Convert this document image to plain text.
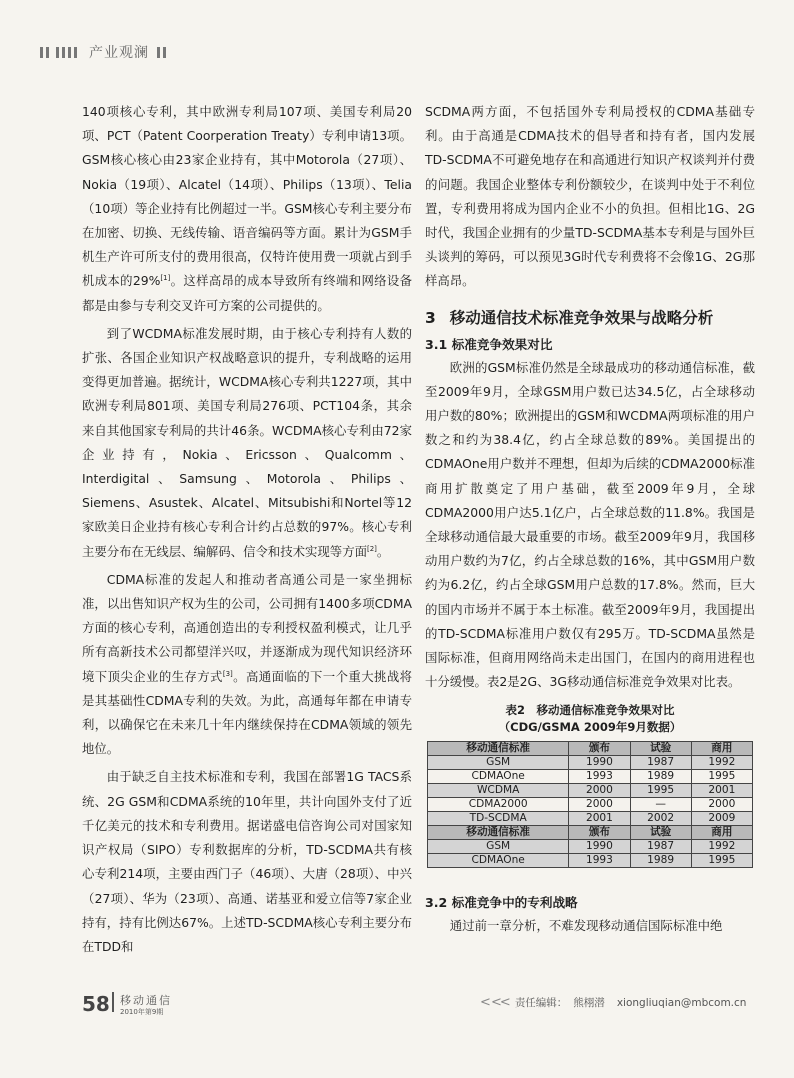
产业观澜

140项核心专利，其中欧洲专利局107项、美国专利局20项、PCT（Patent Coorperation Treaty）专利申请13项。GSM核心核心由23家企业持有，其中Motorola（27项）、Nokia（19项）、Alcatel（14项）、Philips（13项）、Telia （10项）等企业持有比例超过一半。GSM核心专利主要分布在加密、切换、无线传输、语音编码等方面。累计为GSM手机生产许可所支付的费用很高，仅特许使用费一项就占到手机成本的29%[1]。这样高昂的成本导致所有终端和网络设备都是由参与专利交叉许可方案的公司提供的。

到了WCDMA标准发展时期，由于核心专利持有人数的扩张、各国企业知识产权战略意识的提升，专利战略的运用变得更加普遍。据统计，WCDMA核心专利共1227项，其中欧洲专利局801项、美国专利局276项、PCT104条，其余来自其他国家专利局的共计46条。WCDMA核心专利由72家企业持有，Nokia、Ericsson、Qualcomm、Interdigital、Samsung、Motorola、Philips、Siemens、Asustek、Alcatel、Mitsubishi和Nortel等12家欧美日企业持有核心专利合计约占总数的97%。核心专利主要分布在无线层、编解码、信令和技术实现等方面[2]。

CDMA标准的发起人和推动者高通公司是一家坐拥标准，以出售知识产权为生的公司，公司拥有1400多项CDMA方面的核心专利，高通创造出的专利授权盈利模式，让几乎所有高新技术公司都望洋兴叹，并逐渐成为现代知识经济环境下顶尖企业的生存方式[3]。高通面临的下一个重大挑战将是其基础性CDMA专利的失效。为此，高通每年都在申请专利，以确保它在未来几十年内继续保持在CDMA领域的领先地位。

由于缺乏自主技术标准和专利，我国在部署1G TACS系统、2G GSM和CDMA系统的10年里，共计向国外支付了近千亿美元的技术和专利费用。据诺盛电信咨询公司对国家知识产权局（SIPO）专利数据库的分析，TD-SCDMA共有核心专利214项，主要由西门子（46项）、大唐（28项）、中兴（27项）、华为（23项）、高通、诺基亚和爱立信等7家企业持有，持有比例达67%。上述TD-SCDMA核心专利主要分布在TDD和

SCDMA两方面，不包括国外专利局授权的CDMA基础专利。由于高通是CDMA技术的倡导者和持有者，国内发展TD-SCDMA不可避免地存在和高通进行知识产权谈判并付费的问题。我国企业整体专利份额较少，在谈判中处于不利位置，专利费用将成为国内企业不小的负担。但相比1G、2G时代，我国企业拥有的少量TD-SCDMA基本专利是与国外巨头谈判的筹码，可以预见3G时代专利费将不会像1G、2G那样高昂。

3 移动通信技术标准竞争效果与战略分析
3.1 标准竞争效果对比

欧洲的GSM标准仍然是全球最成功的移动通信标准，截至2009年9月，全球GSM用户数已达34.5亿，占全球移动用户数的80%；欧洲提出的GSM和WCDMA两项标准的用户数之和约为38.4亿，约占全球总数的89%。美国提出的CDMAOne用户数并不理想，但却为后续的CDMA2000标准商用扩散奠定了用户基础，截至2009年9月，全球CDMA2000用户达5.1亿户，占全球总数的11.8%。我国是全球移动通信最大最重要的市场。截至2009年9月，我国移动用户数约为7亿，约占全球总数的16%，其中GSM用户数约为6.2亿，约占全球GSM用户总数的17.8%。然而，巨大的国内市场并不属于本土标准。截至2009年9月，我国提出的TD-SCDMA标准用户数仅有295万。TD-SCDMA虽然是国际标准，但商用网络尚未走出国门，在国内的商用进程也十分缓慢。表2是2G、3G移动通信标准竞争效果对比表。

表2　移动通信标准竞争效果对比
（CDG/GSMA 2009年9月数据）
移动通信标准	颁布	试验	商用
GSM	1990	1987	1992
CDMAOne	1993	1989	1995
WCDMA	2000	1995	2001
CDMA2000	2000	—	2000
TD-SCDMA	2001	2002	2009
移动通信标准	颁布	试验	商用
GSM	1990	1987	1992
CDMAOne	1993	1989	1995
3.2 标准竞争中的专利战略

通过前一章分析，不难发现移动通信国际标准中绝

58 移动通信
2010年第9期
< << 责任编辑： 熊栩潜 xiongliuqian@mbcom.cn
